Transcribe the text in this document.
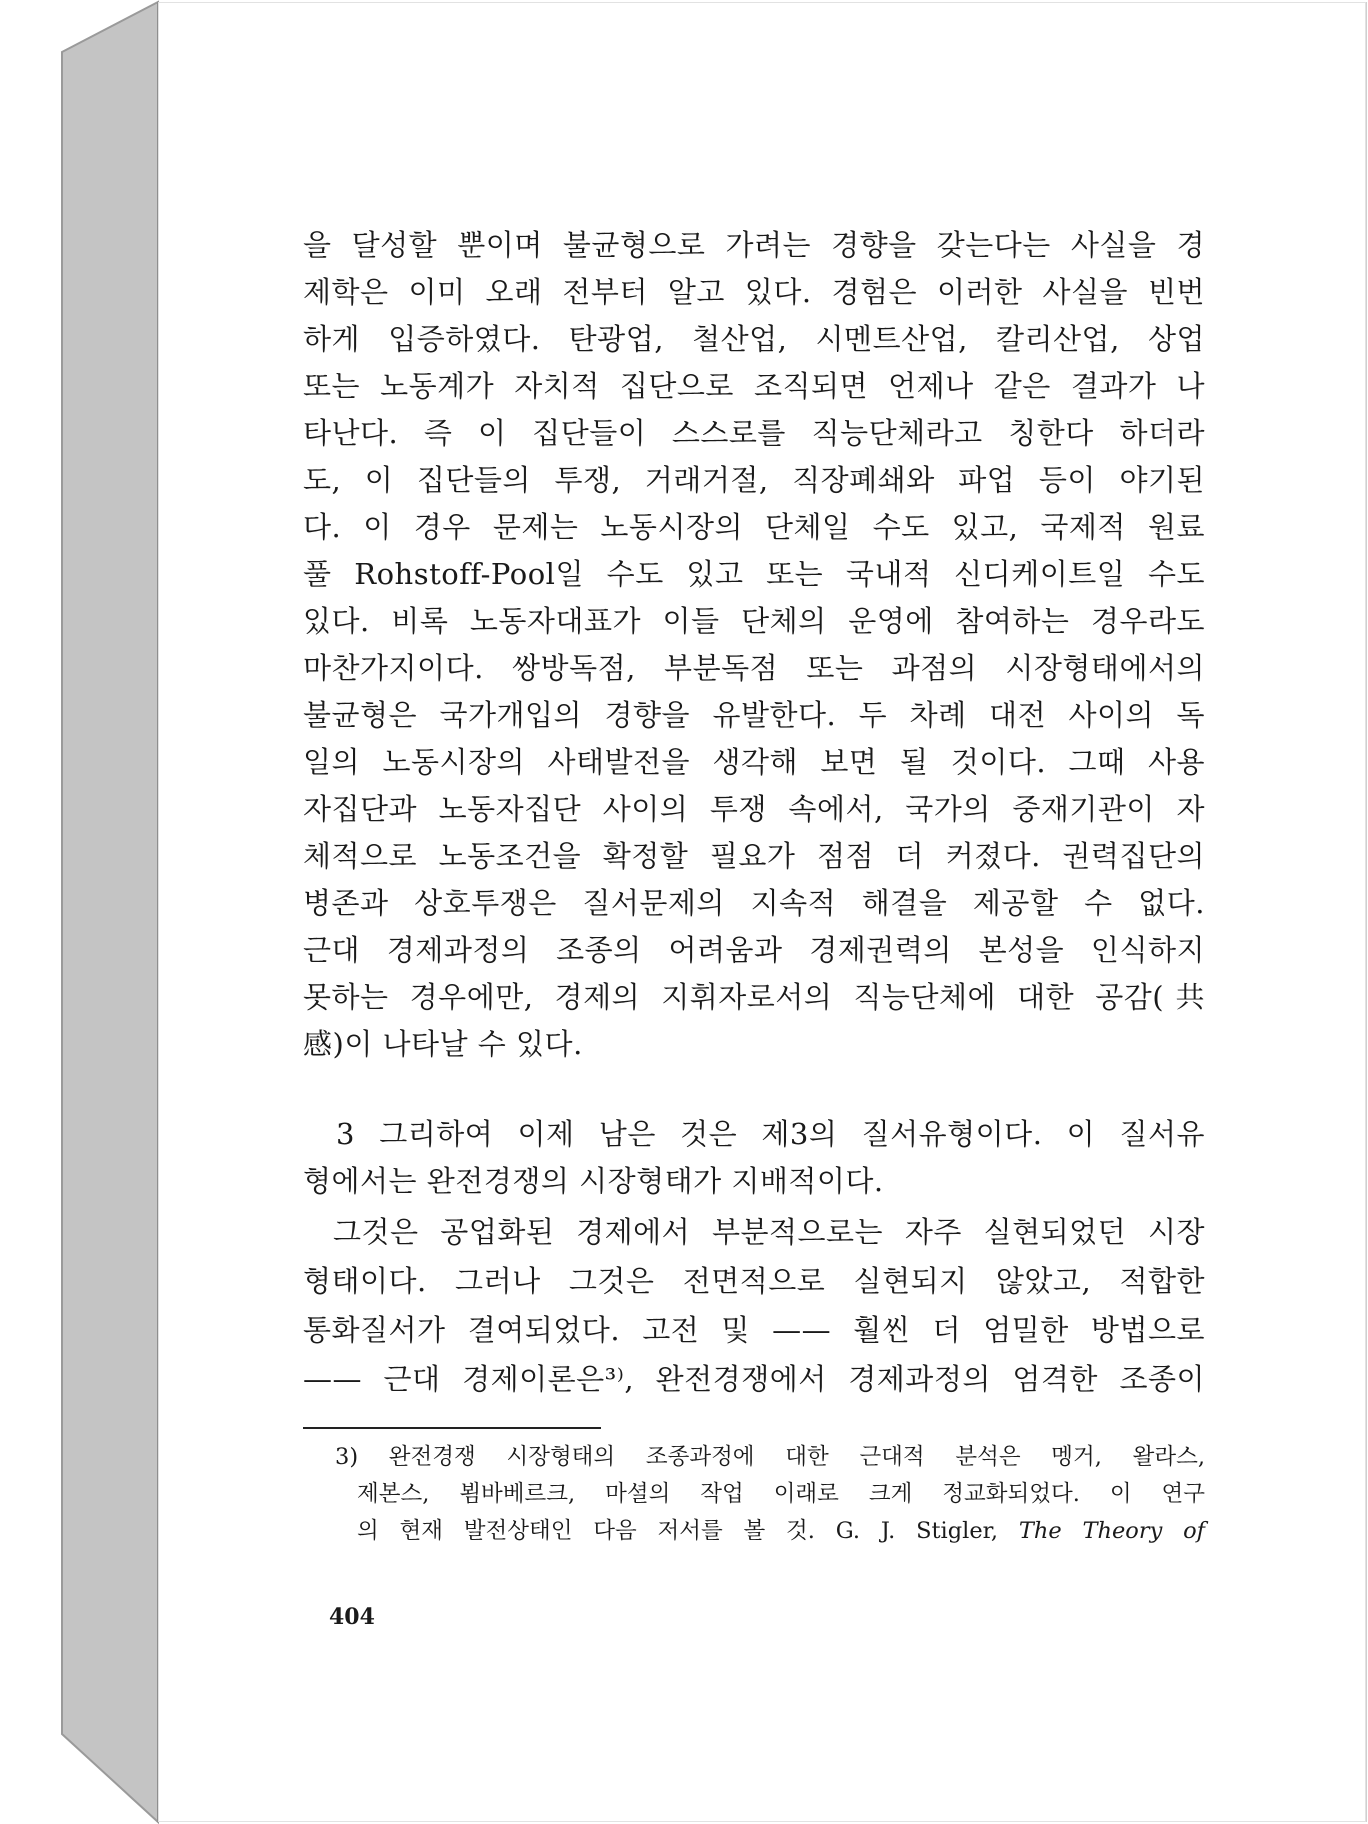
을 달성할 뿐이며 불균형으로 가려는 경향을 갖는다는 사실을 경
제학은 이미 오래 전부터 알고 있다. 경험은 이러한 사실을 빈번
하게 입증하였다. 탄광업, 철산업, 시멘트산업, 칼리산업, 상업
또는 노동계가 자치적 집단으로 조직되면 언제나 같은 결과가 나
타난다. 즉 이 집단들이 스스로를 직능단체라고 칭한다 하더라
도, 이 집단들의 투쟁, 거래거절, 직장폐쇄와 파업 등이 야기된
다. 이 경우 문제는 노동시장의 단체일 수도 있고, 국제적 원료
풀 Rohstoff-Pool일 수도 있고 또는 국내적 신디케이트일 수도
있다. 비록 노동자대표가 이들 단체의 운영에 참여하는 경우라도
마찬가지이다. 쌍방독점, 부분독점 또는 과점의 시장형태에서의
불균형은 국가개입의 경향을 유발한다. 두 차례 대전 사이의 독
일의 노동시장의 사태발전을 생각해 보면 될 것이다. 그때 사용
자집단과 노동자집단 사이의 투쟁 속에서, 국가의 중재기관이 자
체적으로 노동조건을 확정할 필요가 점점 더 커졌다. 권력집단의
병존과 상호투쟁은 질서문제의 지속적 해결을 제공할 수 없다.
근대 경제과정의 조종의 어려움과 경제권력의 본성을 인식하지
못하는 경우에만, 경제의 지휘자로서의 직능단체에 대한 공감(共
感)이 나타날 수 있다.
3 그리하여 이제 남은 것은 제3의 질서유형이다. 이 질서유
형에서는 완전경쟁의 시장형태가 지배적이다.
그것은 공업화된 경제에서 부분적으로는 자주 실현되었던 시장
형태이다. 그러나 그것은 전면적으로 실현되지 않았고, 적합한
통화질서가 결여되었다. 고전 및 —— 훨씬 더 엄밀한 방법으로
—— 근대 경제이론은³⁾, 완전경쟁에서 경제과정의 엄격한 조종이
3) 완전경쟁 시장형태의 조종과정에 대한 근대적 분석은 멩거, 왈라스,
제본스, 뵘바베르크, 마셜의 작업 이래로 크게 정교화되었다. 이 연구
의 현재 발전상태인 다음 저서를 볼 것. G. J. Stigler, The Theory of
404
